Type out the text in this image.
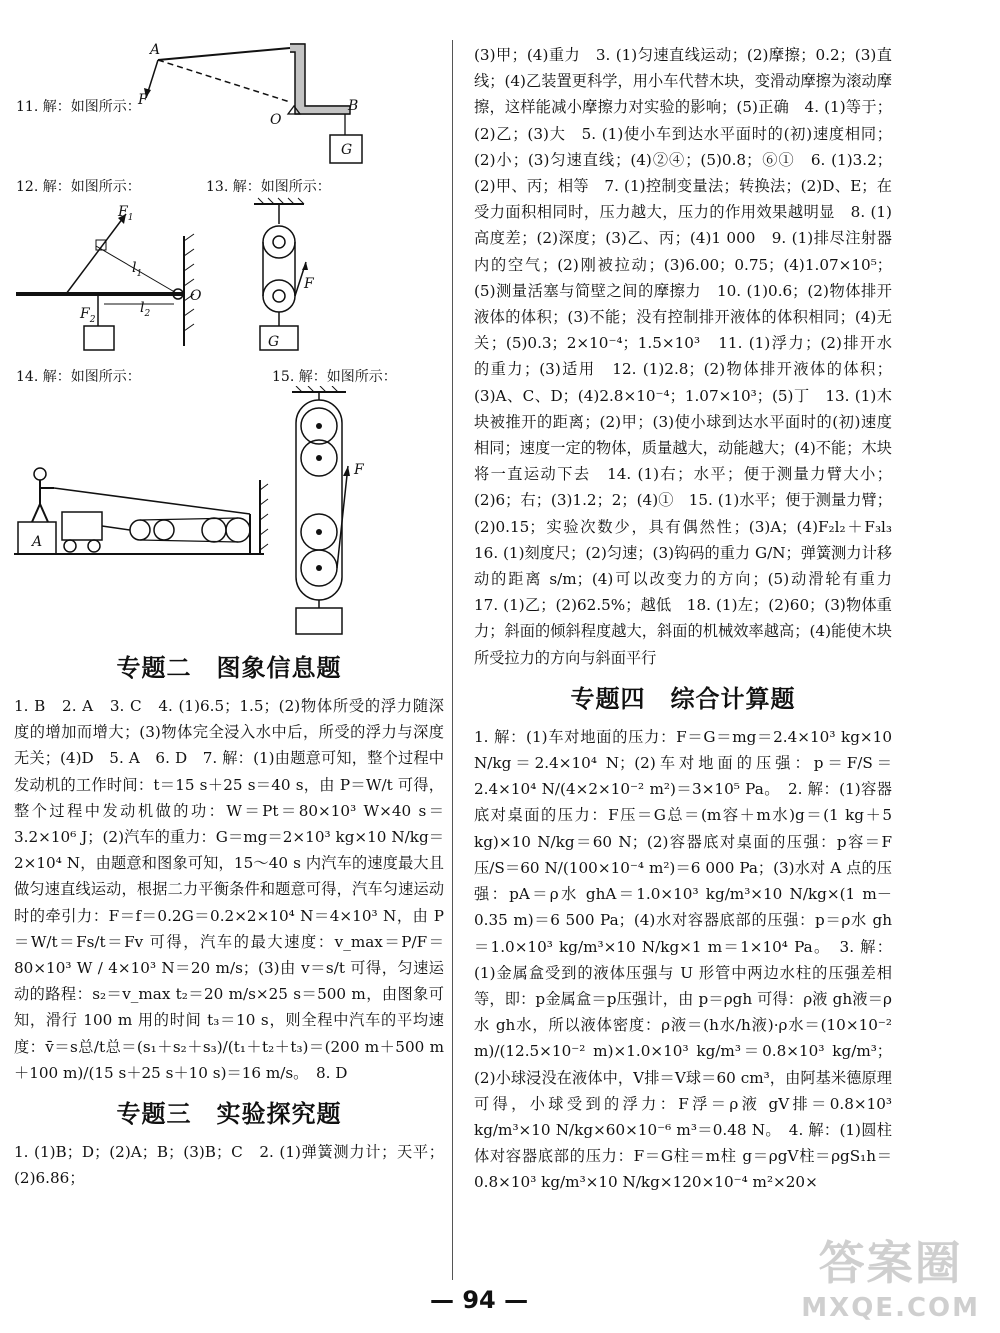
11. 解：如图所示：
A
F
O
B
G
12. 解：如图所示：
$F_1$
$l_1$
$l_2$
$F_2$
O
13. 解：如图所示：
F
G
14. 解：如图所示：
A
15. 解：如图所示：
F
专题二　图象信息题

1. B　2. A　3. C　4. (1)6.5；1.5；(2)物体所受的浮力随深度的增加而增大；(3)物体完全浸入水中后，所受的浮力与深度无关；(4)D　5. A　6. D　7. 解：(1)由题意可知，整个过程中发动机的工作时间：t＝15 s＋25 s＝40 s，由 P＝W/t 可得，整个过程中发动机做的功：W＝Pt＝80×10³ W×40 s＝3.2×10⁶ J；(2)汽车的重力：G＝mg＝2×10³ kg×10 N/kg＝2×10⁴ N，由题意和图象可知，15～40 s 内汽车的速度最大且做匀速直线运动，根据二力平衡条件和题意可得，汽车匀速运动时的牵引力：F＝f＝0.2G＝0.2×2×10⁴ N＝4×10³ N，由 P＝W/t＝Fs/t＝Fv 可得，汽车的最大速度：v_max＝P/F＝80×10³ W / 4×10³ N＝20 m/s；(3)由 v＝s/t 可得，匀速运动的路程：s₂＝v_max t₂＝20 m/s×25 s＝500 m，由图象可知，滑行 100 m 用的时间 t₃＝10 s，则全程中汽车的平均速度：v̄＝s总/t总＝(s₁＋s₂＋s₃)/(t₁＋t₂＋t₃)＝(200 m＋500 m＋100 m)/(15 s＋25 s＋10 s)＝16 m/s。　8. D

专题三　实验探究题

1. (1)B；D；(2)A；B；(3)B；C　2. (1)弹簧测力计；天平；(2)6.86；

(3)甲；(4)重力　3. (1)匀速直线运动；(2)摩擦；0.2；(3)直线；(4)乙装置更科学，用小车代替木块，变滑动摩擦为滚动摩擦，这样能减小摩擦力对实验的影响；(5)正确　4. (1)等于；(2)乙；(3)大　5. (1)使小车到达水平面时的(初)速度相同；(2)小；(3)匀速直线；(4)②④；(5)0.8；⑥①　6. (1)3.2；(2)甲、丙；相等　7. (1)控制变量法；转换法；(2)D、E；在受力面积相同时，压力越大，压力的作用效果越明显　8. (1)高度差；(2)深度；(3)乙、丙；(4)1 000　9. (1)排尽注射器内的空气；(2)刚被拉动；(3)6.00；0.75；(4)1.07×10⁵；(5)测量活塞与简壁之间的摩擦力　10. (1)0.6；(2)物体排开液体的体积；(3)不能；没有控制排开液体的体积相同；(4)无关；(5)0.3；2×10⁻⁴；1.5×10³　11. (1)浮力；(2)排开水的重力；(3)适用　12. (1)2.8；(2)物体排开液体的体积；(3)A、C、D；(4)2.8×10⁻⁴；1.07×10³；(5)丁　13. (1)木块被推开的距离；(2)甲；(3)使小球到达水平面时的(初)速度相同；速度一定的物体，质量越大，动能越大；(4)不能；木块将一直运动下去　14. (1)右；水平；便于测量力臂大小；(2)6；右；(3)1.2；2；(4)①　15. (1)水平；便于测量力臂；(2)0.15；实验次数少，具有偶然性；(3)A；(4)F₂l₂＋F₃l₃　16. (1)刻度尺；(2)匀速；(3)钩码的重力 G/N；弹簧测力计移动的距离 s/m；(4)可以改变力的方向；(5)动滑轮有重力　17. (1)乙；(2)62.5%；越低　18. (1)左；(2)60；(3)物体重力；斜面的倾斜程度越大，斜面的机械效率越高；(4)能使木块所受拉力的方向与斜面平行

专题四　综合计算题

1. 解：(1)车对地面的压力：F＝G＝mg＝2.4×10³ kg×10 N/kg＝2.4×10⁴ N；(2)车对地面的压强：p＝F/S＝2.4×10⁴ N/(4×2×10⁻² m²)＝3×10⁵ Pa。　2. 解：(1)容器底对桌面的压力：F压＝G总＝(m容＋m水)g＝(1 kg＋5 kg)×10 N/kg＝60 N；(2)容器底对桌面的压强：p容＝F压/S＝60 N/(100×10⁻⁴ m²)＝6 000 Pa；(3)水对 A 点的压强：pA＝ρ水 ghA＝1.0×10³ kg/m³×10 N/kg×(1 m－0.35 m)＝6 500 Pa；(4)水对容器底部的压强：p＝ρ水 gh＝1.0×10³ kg/m³×10 N/kg×1 m＝1×10⁴ Pa。　3. 解：(1)金属盒受到的液体压强与 U 形管中两边水柱的压强差相等，即：p金属盒＝p压强计，由 p＝ρgh 可得：ρ液 gh液＝ρ水 gh水，所以液体密度：ρ液＝(h水/h液)·ρ水＝(10×10⁻² m)/(12.5×10⁻² m)×1.0×10³ kg/m³＝0.8×10³ kg/m³；(2)小球浸没在液体中，V排＝V球＝60 cm³，由阿基米德原理可得，小球受到的浮力：F浮＝ρ液 gV排＝0.8×10³ kg/m³×10 N/kg×60×10⁻⁶ m³＝0.48 N。　4. 解：(1)圆柱体对容器底部的压力：F＝G柱＝m柱 g＝ρgV柱＝ρgS₁h＝0.8×10³ kg/m³×10 N/kg×120×10⁻⁴ m²×20×

— 94 —
答案圈
MXQE.COM
